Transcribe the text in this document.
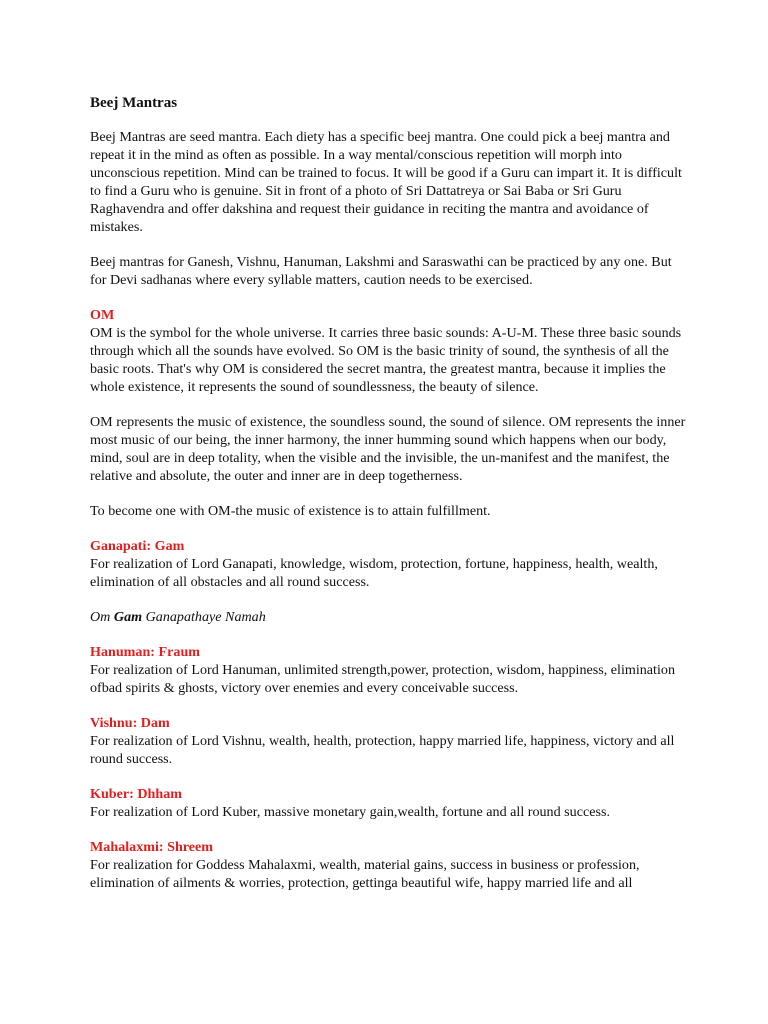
Beej Mantras

Beej Mantras are seed mantra. Each diety has a specific beej mantra. One could pick a beej mantra and repeat it in the mind as often as possible. In a way mental/conscious repetition will morph into unconscious repetition. Mind can be trained to focus. It will be good if a Guru can impart it. It is difficult to find a Guru who is genuine. Sit in front of a photo of Sri Dattatreya or Sai Baba or Sri Guru Raghavendra and offer dakshina and request their guidance in reciting the mantra and avoidance of mistakes.

Beej mantras for Ganesh, Vishnu, Hanuman, Lakshmi and Saraswathi can be practiced by any one. But for Devi sadhanas where every syllable matters, caution needs to be exercised.

OM

OM is the symbol for the whole universe. It carries three basic sounds: A-U-M. These three basic sounds through which all the sounds have evolved. So OM is the basic trinity of sound, the synthesis of all the basic roots. That's why OM is considered the secret mantra, the greatest mantra, because it implies the whole existence, it represents the sound of soundlessness, the beauty of silence.

OM represents the music of existence, the soundless sound, the sound of silence. OM represents the inner most music of our being, the inner harmony, the inner humming sound which happens when our body, mind, soul are in deep totality, when the visible and the invisible, the un-manifest and the manifest, the relative and absolute, the outer and inner are in deep togetherness.

To become one with OM-the music of existence is to attain fulfillment.

Ganapati: Gam

For realization of Lord Ganapati, knowledge, wisdom, protection, fortune, happiness, health, wealth, elimination of all obstacles and all round success.

Om Gam Ganapathaye Namah
Hanuman: Fraum

For realization of Lord Hanuman, unlimited strength,power, protection, wisdom, happiness, elimination ofbad spirits & ghosts, victory over enemies and every conceivable success.

Vishnu: Dam

For realization of Lord Vishnu, wealth, health, protection, happy married life, happiness, victory and all round success.

Kuber: Dhham

For realization of Lord Kuber, massive monetary gain,wealth, fortune and all round success.

Mahalaxmi: Shreem

For realization for Goddess Mahalaxmi, wealth, material gains, success in business or profession, elimination of ailments & worries, protection, gettinga beautiful wife, happy married life and all
